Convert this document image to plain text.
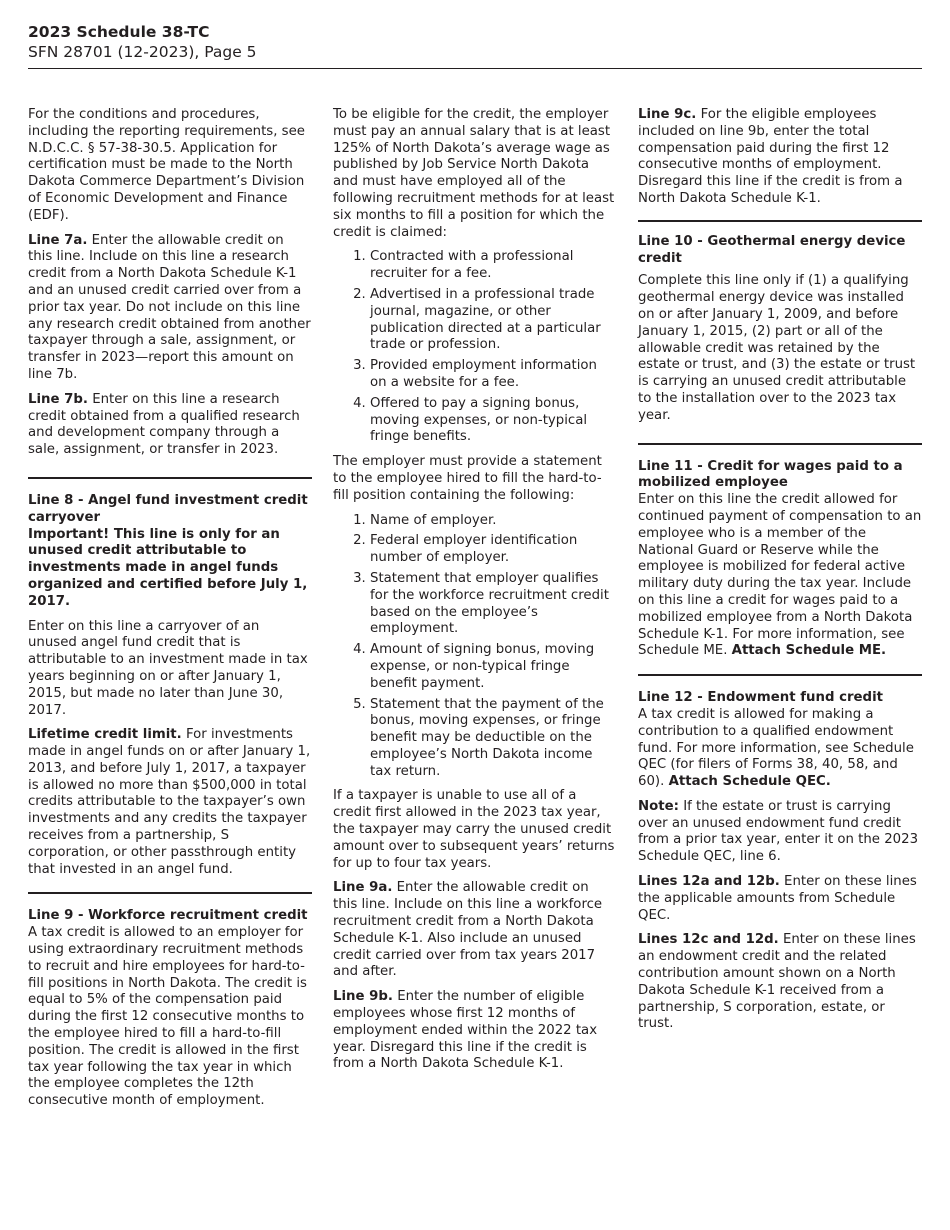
2023 Schedule 38-TC
SFN 28701 (12-2023), Page 5

For the conditions and procedures, including the reporting requirements, see N.D.C.C. § 57-38-30.5. Application for certification must be made to the North Dakota Commerce Department’s Division of Economic Development and Finance (EDF).

Line 7a. Enter the allowable credit on this line. Include on this line a research credit from a North Dakota Schedule K-1 and an unused credit carried over from a prior tax year. Do not include on this line any research credit obtained from another taxpayer through a sale, assignment, or transfer in 2023—report this amount on line 7b.

Line 7b. Enter on this line a research credit obtained from a qualified research and development company through a sale, assignment, or transfer in 2023.

Line 8 - Angel fund investment credit carryover

Important! This line is only for an unused credit attributable to investments made in angel funds organized and certified before July 1, 2017.

Enter on this line a carryover of an unused angel fund credit that is attributable to an investment made in tax years beginning on or after January 1, 2015, but made no later than June 30, 2017.

Lifetime credit limit. For investments made in angel funds on or after January 1, 2013, and before July 1, 2017, a taxpayer is allowed no more than $500,000 in total credits attributable to the taxpayer’s own investments and any credits the taxpayer receives from a partnership, S corporation, or other passthrough entity that invested in an angel fund.

Line 9 - Workforce recruitment credit

A tax credit is allowed to an employer for using extraordinary recruitment methods to recruit and hire employees for hard-to-fill positions in North Dakota. The credit is equal to 5% of the compensation paid during the first 12 consecutive months to the employee hired to fill a hard-to-fill position. The credit is allowed in the first tax year following the tax year in which the employee completes the 12th consecutive month of employment.

To be eligible for the credit, the employer must pay an annual salary that is at least 125% of North Dakota’s average wage as published by Job Service North Dakota and must have employed all of the following recruitment methods for at least six months to fill a position for which the credit is claimed:

1. Contracted with a professional recruiter for a fee.
2. Advertised in a professional trade journal, magazine, or other publication directed at a particular trade or profession.
3. Provided employment information on a website for a fee.
4. Offered to pay a signing bonus, moving expenses, or non-typical fringe benefits.

The employer must provide a statement to the employee hired to fill the hard-to-fill position containing the following:

1. Name of employer.
2. Federal employer identification number of employer.
3. Statement that employer qualifies for the workforce recruitment credit based on the employee’s employment.
4. Amount of signing bonus, moving expense, or non-typical fringe benefit payment.
5. Statement that the payment of the bonus, moving expenses, or fringe benefit may be deductible on the employee’s North Dakota income tax return.

If a taxpayer is unable to use all of a credit first allowed in the 2023 tax year, the taxpayer may carry the unused credit amount over to subsequent years’ returns for up to four tax years.

Line 9a. Enter the allowable credit on this line. Include on this line a workforce recruitment credit from a North Dakota Schedule K-1. Also include an unused credit carried over from tax years 2017 and after.

Line 9b. Enter the number of eligible employees whose first 12 months of employment ended within the 2022 tax year. Disregard this line if the credit is from a North Dakota Schedule K-1.

Line 9c. For the eligible employees included on line 9b, enter the total compensation paid during the first 12 consecutive months of employment. Disregard this line if the credit is from a North Dakota Schedule K-1.

Line 10 - Geothermal energy device credit

Complete this line only if (1) a qualifying geothermal energy device was installed on or after January 1, 2009, and before January 1, 2015, (2) part or all of the allowable credit was retained by the estate or trust, and (3) the estate or trust is carrying an unused credit attributable to the installation over to the 2023 tax year.

Line 11 - Credit for wages paid to a mobilized employee

Enter on this line the credit allowed for continued payment of compensation to an employee who is a member of the National Guard or Reserve while the employee is mobilized for federal active military duty during the tax year. Include on this line a credit for wages paid to a mobilized employee from a North Dakota Schedule K-1. For more information, see Schedule ME. Attach Schedule ME.

Line 12 - Endowment fund credit

A tax credit is allowed for making a contribution to a qualified endowment fund. For more information, see Schedule QEC (for filers of Forms 38, 40, 58, and 60). Attach Schedule QEC.

Note: If the estate or trust is carrying over an unused endowment fund credit from a prior tax year, enter it on the 2023 Schedule QEC, line 6.

Lines 12a and 12b. Enter on these lines the applicable amounts from Schedule QEC.

Lines 12c and 12d. Enter on these lines an endowment credit and the related contribution amount shown on a North Dakota Schedule K-1 received from a partnership, S corporation, estate, or trust.
